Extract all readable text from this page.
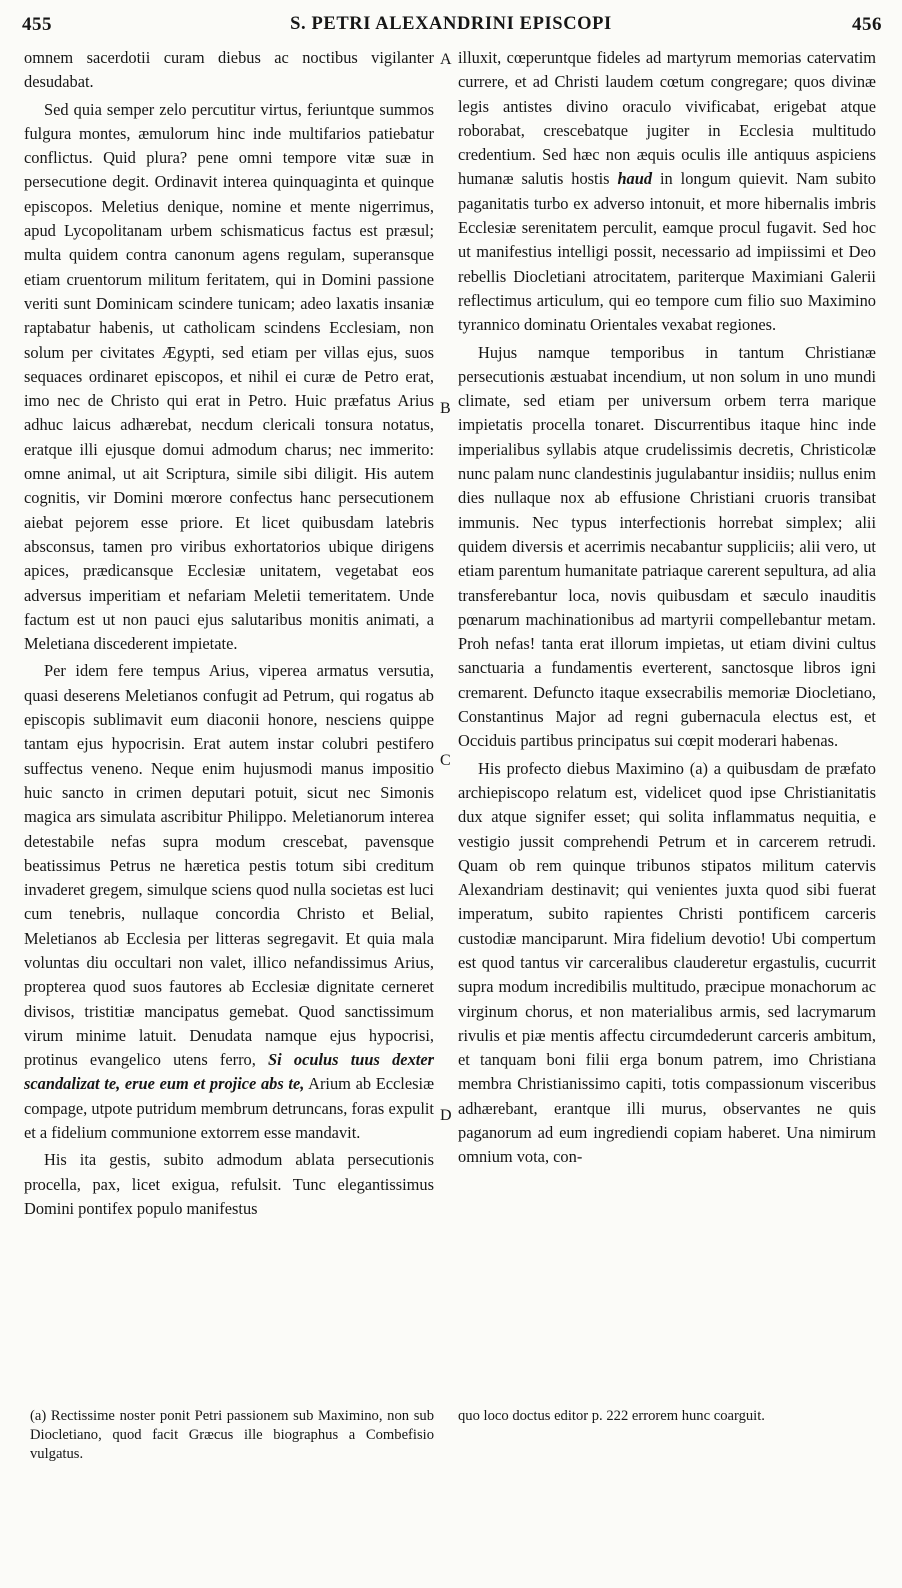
455	S. PETRI ALEXANDRINI EPISCOPI	456

omnem sacerdotii curam diebus ac noctibus vigilanter desudabat.

Sed quia semper zelo percutitur virtus, feriuntque summos fulgura montes, æmulorum hinc inde multifarios patiebatur conflictus. Quid plura? pene omni tempore vitæ suæ in persecutione degit. Ordinavit interea quinquaginta et quinque episcopos. Meletius denique, nomine et mente nigerrimus, apud Lycopolitanam urbem schismaticus factus est præsul; multa quidem contra canonum agens regulam, superansque etiam cruentorum militum feritatem, qui in Domini passione veriti sunt Dominicam scindere tunicam; adeo laxatis insaniæ raptabatur habenis, ut catholicam scindens Ecclesiam, non solum per civitates Ægypti, sed etiam per villas ejus, suos sequaces ordinaret episcopos, et nihil ei curæ de Petro erat, imo nec de Christo qui erat in Petro. Huic præfatus Arius adhuc laicus adhærebat, necdum clericali tonsura notatus, eratque illi ejusque domui admodum charus; nec immerito: omne animal, ut ait Scriptura, simile sibi diligit. His autem cognitis, vir Domini mœrore confectus hanc persecutionem aiebat pejorem esse priore. Et licet quibusdam latebris absconsus, tamen pro viribus exhortatorios ubique dirigens apices, prædicansque Ecclesiæ unitatem, vegetabat eos adversus imperitiam et nefariam Meletii temeritatem. Unde factum est ut non pauci ejus salutaribus monitis animati, a Meletiana discederent impietate.

Per idem fere tempus Arius, viperea armatus versutia, quasi deserens Meletianos confugit ad Petrum, qui rogatus ab episcopis sublimavit eum diaconii honore, nesciens quippe tantam ejus hypocrisin. Erat autem instar colubri pestifero suffectus veneno. Neque enim hujusmodi manus impositio huic sancto in crimen deputari potuit, sicut nec Simonis magica ars simulata ascribitur Philippo. Meletianorum interea detestabile nefas supra modum crescebat, pavensque beatissimus Petrus ne hæretica pestis totum sibi creditum invaderet gregem, simulque sciens quod nulla societas est luci cum tenebris, nullaque concordia Christo et Belial, Meletianos ab Ecclesia per litteras segregavit. Et quia mala voluntas diu occultari non valet, illico nefandissimus Arius, propterea quod suos fautores ab Ecclesiæ dignitate cerneret divisos, tristitiæ mancipatus gemebat. Quod sanctissimum virum minime latuit. Denudata namque ejus hypocrisi, protinus evangelico utens ferro, Si oculus tuus dexter scandalizat te, erue eum et projice abs te, Arium ab Ecclesiæ compage, utpote putridum membrum detruncans, foras expulit et a fidelium communione extorrem esse mandavit.

His ita gestis, subito admodum ablata persecutionis procella, pax, licet exigua, refulsit. Tunc elegantissimus Domini pontifex populo manifestus

A
B
C
D

illuxit, cœperuntque fideles ad martyrum memorias catervatim currere, et ad Christi laudem cœtum congregare; quos divinæ legis antistes divino oraculo vivificabat, erigebat atque roborabat, crescebatque jugiter in Ecclesia multitudo credentium. Sed hæc non æquis oculis ille antiquus aspiciens humanæ salutis hostis haud in longum quievit. Nam subito paganitatis turbo ex adverso intonuit, et more hibernalis imbris Ecclesiæ serenitatem perculit, eamque procul fugavit. Sed hoc ut manifestius intelligi possit, necessario ad impiissimi et Deo rebellis Diocletiani atrocitatem, pariterque Maximiani Galerii reflectimus articulum, qui eo tempore cum filio suo Maximino tyrannico dominatu Orientales vexabat regiones.

Hujus namque temporibus in tantum Christianæ persecutionis æstuabat incendium, ut non solum in uno mundi climate, sed etiam per universum orbem terra marique impietatis procella tonaret. Discurrentibus itaque hinc inde imperialibus syllabis atque crudelissimis decretis, Christicolæ nunc palam nunc clandestinis jugulabantur insidiis; nullus enim dies nullaque nox ab effusione Christiani cruoris transibat immunis. Nec typus interfectionis horrebat simplex; alii quidem diversis et acerrimis necabantur suppliciis; alii vero, ut etiam parentum humanitate patriaque carerent sepultura, ad alia transferebantur loca, novis quibusdam et sæculo inauditis pœnarum machinationibus ad martyrii compellebantur metam. Proh nefas! tanta erat illorum impietas, ut etiam divini cultus sanctuaria a fundamentis everterent, sanctosque libros igni cremarent. Defuncto itaque exsecrabilis memoriæ Diocletiano, Constantinus Major ad regni gubernacula electus est, et Occiduis partibus principatus sui cœpit moderari habenas.

His profecto diebus Maximino (a) a quibusdam de præfato archiepiscopo relatum est, videlicet quod ipse Christianitatis dux atque signifer esset; qui solita inflammatus nequitia, e vestigio jussit comprehendi Petrum et in carcerem retrudi. Quam ob rem quinque tribunos stipatos militum catervis Alexandriam destinavit; qui venientes juxta quod sibi fuerat imperatum, subito rapientes Christi pontificem carceris custodiæ manciparunt. Mira fidelium devotio! Ubi compertum est quod tantus vir carceralibus clauderetur ergastulis, cucurrit supra modum incredibilis multitudo, præcipue monachorum ac virginum chorus, et non materialibus armis, sed lacrymarum rivulis et piæ mentis affectu circumdederunt carceris ambitum, et tanquam boni filii erga bonum patrem, imo Christiana membra Christianissimo capiti, totis compassionum visceribus adhærebant, erantque illi murus, observantes ne quis paganorum ad eum ingrediendi copiam haberet. Una nimirum omnium vota, con-

(a) Rectissime noster ponit Petri passionem sub Maximino, non sub Diocletiano, quod facit Græcus ille biographus a Combefisio vulgatus.

quo loco doctus editor p. 222 errorem hunc coarguit.
